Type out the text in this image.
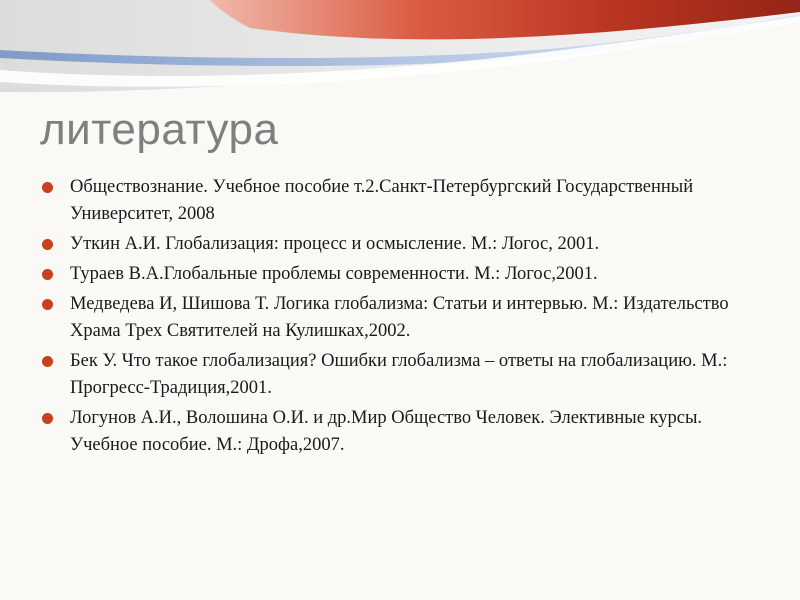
литература
Обществознание. Учебное пособие т.2.Санкт-Петербургский Государственный Университет, 2008
Уткин А.И. Глобализация: процесс и осмысление. М.: Логос, 2001.
Тураев В.А.Глобальные проблемы современности. М.: Логос,2001.
Медведева И, Шишова Т. Логика глобализма: Статьи и интервью. М.: Издательство Храма Трех Святителей на Кулишках,2002.
Бек У. Что такое глобализация? Ошибки глобализма – ответы на глобализацию. М.: Прогресс-Традиция,2001.
Логунов А.И., Волошина О.И. и др.Мир Общество Человек. Элективные курсы. Учебное пособие. М.: Дрофа,2007.
